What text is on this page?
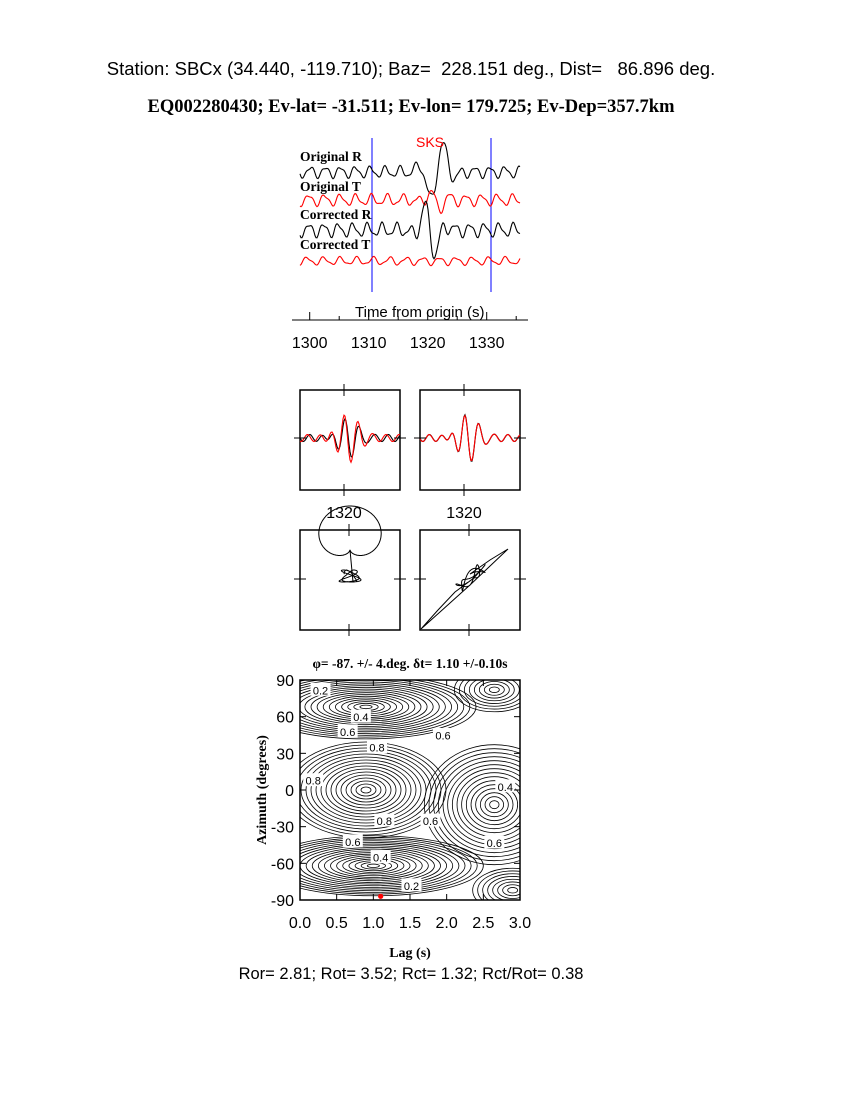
Station: SBCx (34.440, -119.710); Baz=  228.151 deg., Dist=   86.896 deg.
EQ002280430; Ev-lat= -31.511; Ev-lon= 179.725; Ev-Dep=357.7km
Original R
Original T
Corrected R
Corrected T
SKS
Time from origin (s)
1300 1310 1320 1330
1320	1320
φ= -87. +/- 4.deg. δt= 1.10 +/-0.10s
0.2
0.4
0.6
0.8
0.6
0.8
0.4
0.8	0.6
0.6	0.6
0.4
0.2
0.0 0.5 1.0 1.5 2.0 2.5 3.0
90
60
30
0
-30
-60
-90
Lag (s)
Azimuth (degrees)
Ror= 2.81; Rot= 3.52; Rct= 1.32; Rct/Rot= 0.38
